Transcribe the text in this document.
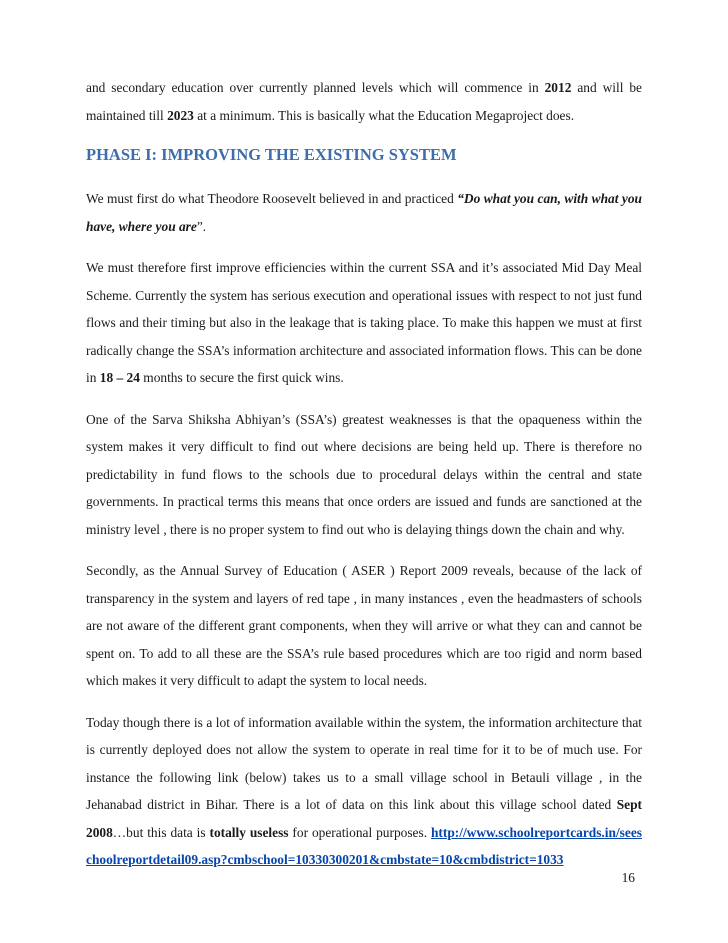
and secondary education over currently planned levels which will commence in 2012 and will be maintained till 2023 at a minimum. This is basically what the Education Megaproject does.

PHASE I: IMPROVING THE EXISTING SYSTEM

We must first do what Theodore Roosevelt believed in and practiced “Do what you can, with what you have, where you are”.

We must therefore first improve efficiencies within the current SSA and it’s associated Mid Day Meal Scheme. Currently the system has serious execution and operational issues with respect to not just fund flows and their timing but also in the leakage that is taking place. To make this happen we must at first radically change the SSA’s information architecture and associated information flows. This can be done in 18 – 24 months to secure the first quick wins.

One of the Sarva Shiksha Abhiyan’s (SSA’s) greatest weaknesses is that the opaqueness within the system makes it very difficult to find out where decisions are being held up. There is therefore no predictability in fund flows to the schools due to procedural delays within the central and state governments. In practical terms this means that once orders are issued and funds are sanctioned at the ministry level , there is no proper system to find out who is delaying things down the chain and why.

Secondly, as the Annual Survey of Education ( ASER ) Report 2009 reveals, because of the lack of transparency in the system and layers of red tape , in many instances , even the headmasters of schools are not aware of the different grant components, when they will arrive or what they can and cannot be spent on. To add to all these are the SSA’s rule based procedures which are too rigid and norm based which makes it very difficult to adapt the system to local needs.

Today though there is a lot of information available within the system, the information architecture that is currently deployed does not allow the system to operate in real time for it to be of much use. For instance the following link (below) takes us to a small village school in Betauli village , in the Jehanabad district in Bihar. There is a lot of data on this link about this village school dated Sept 2008…but this data is totally useless for operational purposes. http://www.schoolreportcards.in/seeschoolreportdetail09.asp?cmbschool=10330300201&cmbstate=10&cmbdistrict=1033

16
